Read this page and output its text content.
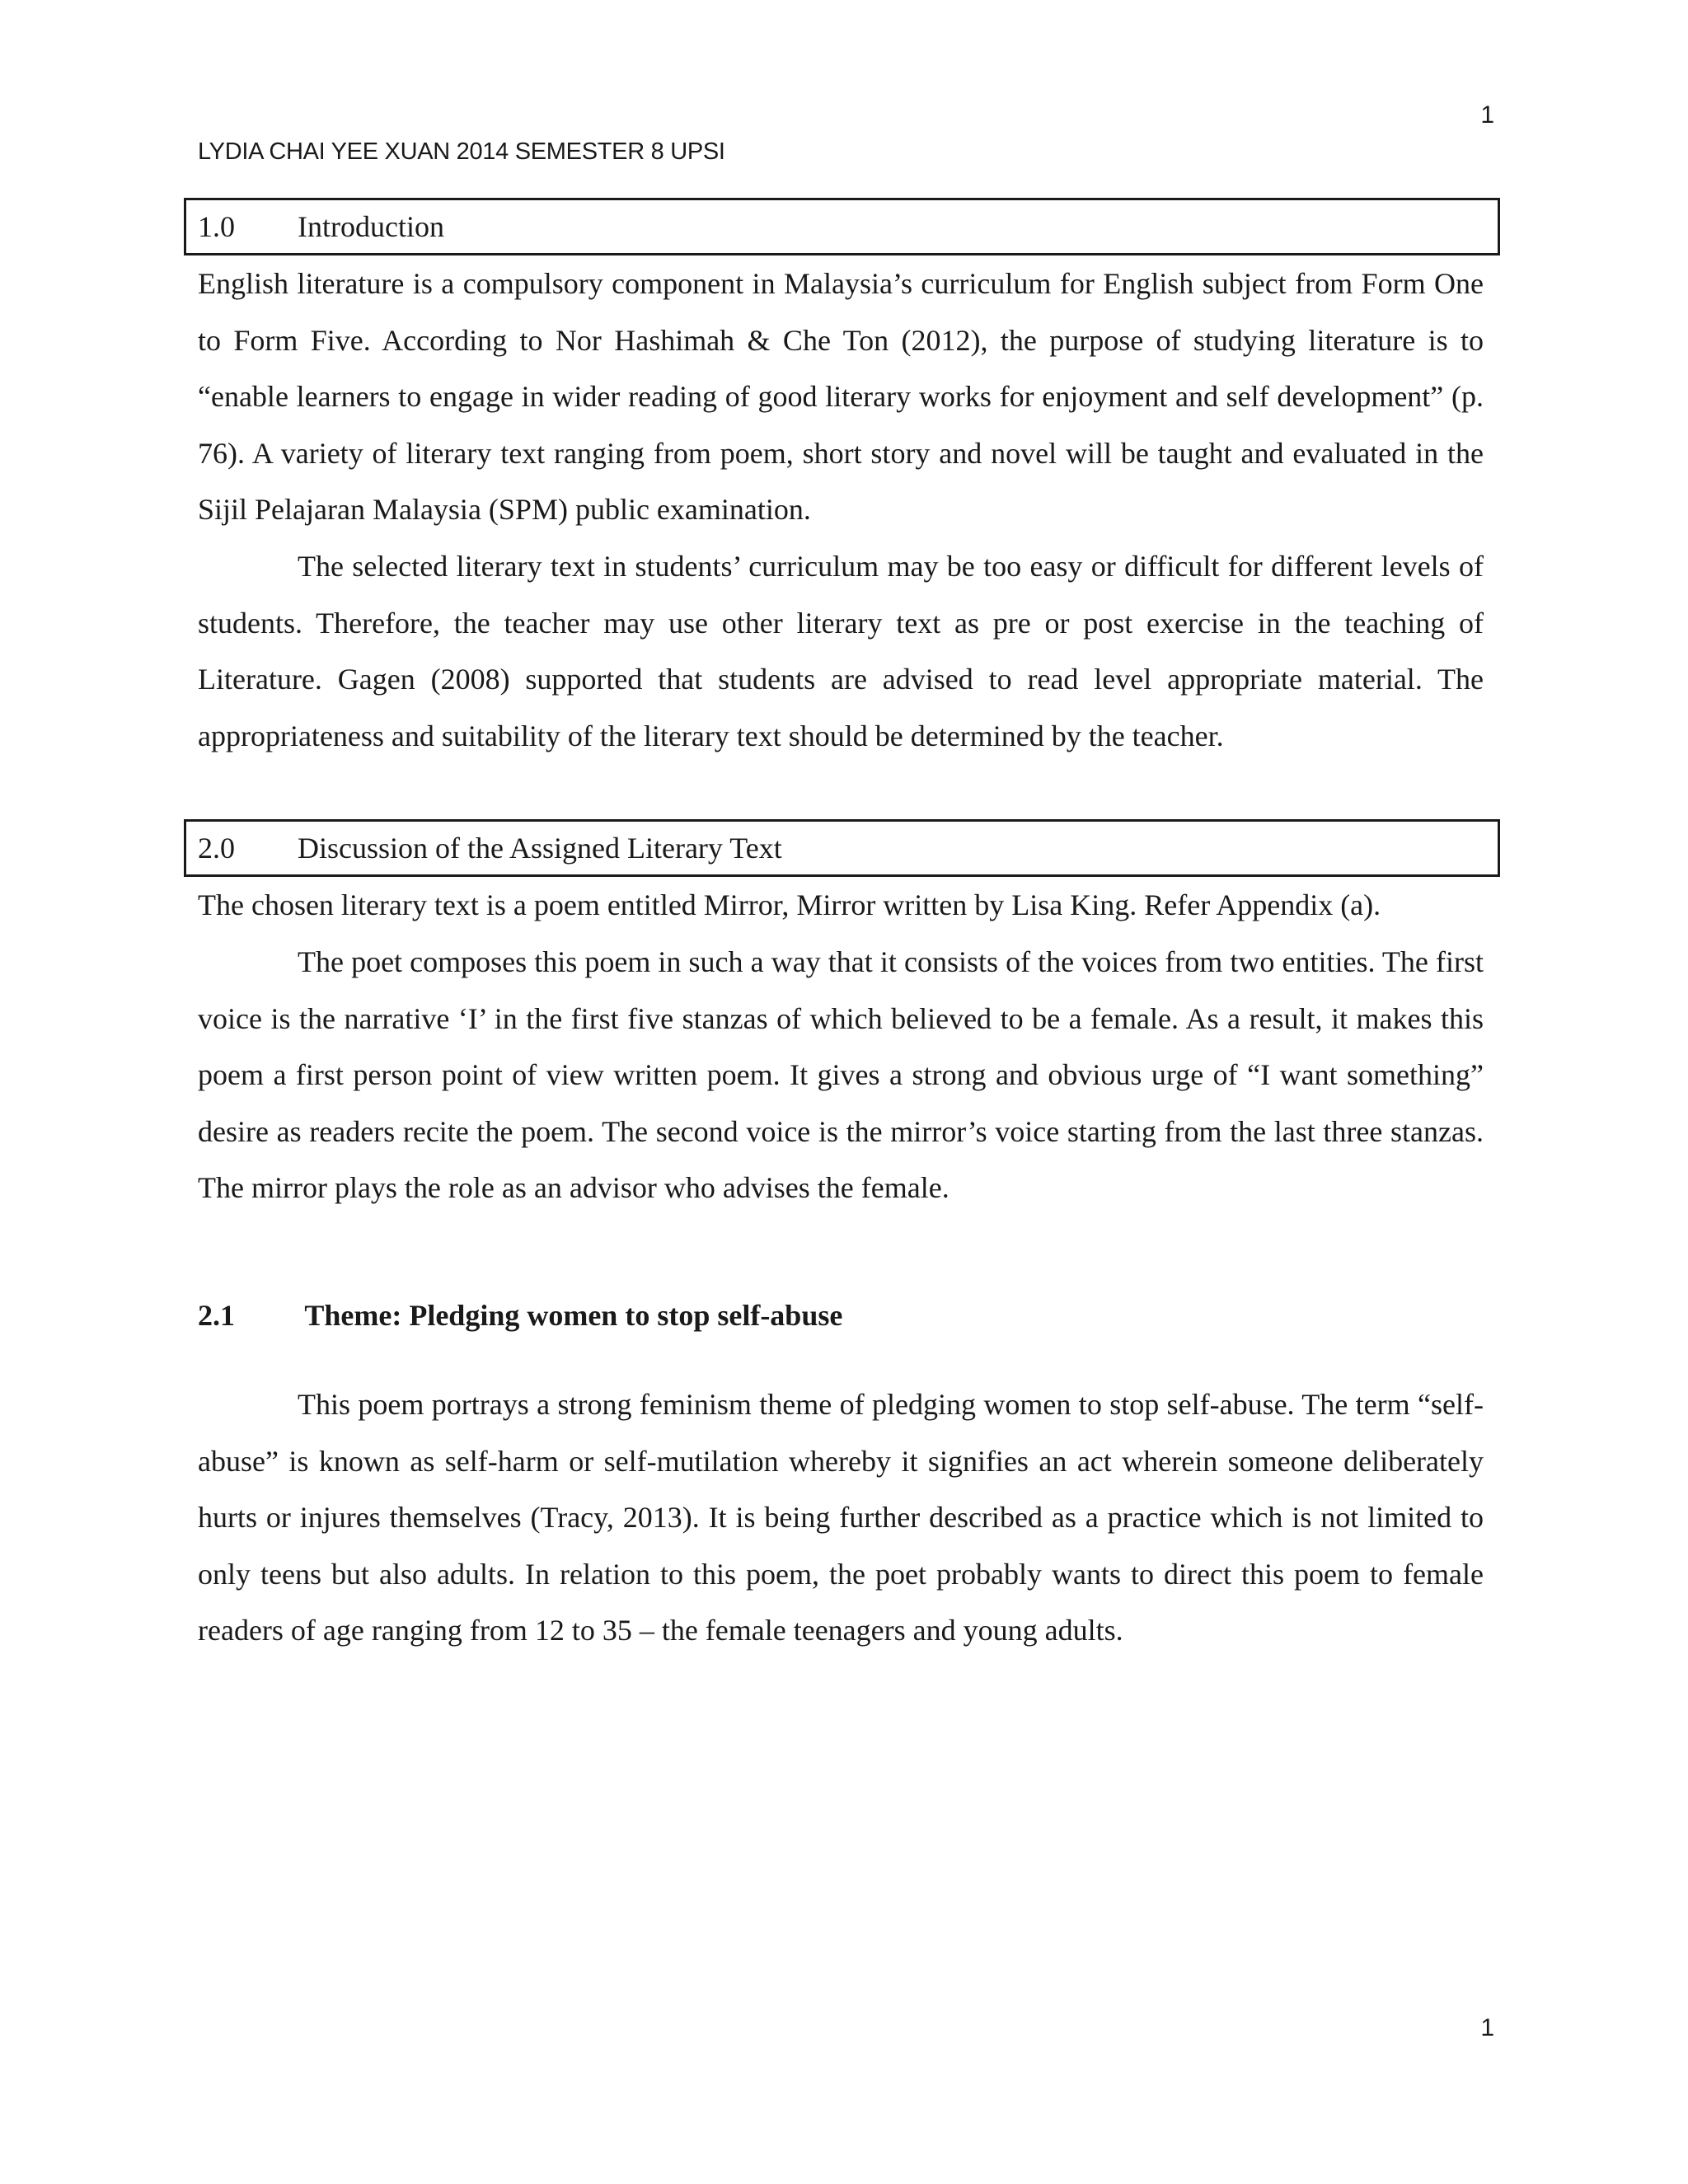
1
LYDIA CHAI YEE XUAN 2014 SEMESTER 8 UPSI
1.0	Introduction

English literature is a compulsory component in Malaysia’s curriculum for English subject from Form One to Form Five. According to Nor Hashimah & Che Ton (2012), the purpose of studying literature is to “enable learners to engage in wider reading of good literary works for enjoyment and self development” (p. 76). A variety of literary text ranging from poem, short story and novel will be taught and evaluated in the Sijil Pelajaran Malaysia (SPM) public examination.

The selected literary text in students’ curriculum may be too easy or difficult for different levels of students. Therefore, the teacher may use other literary text as pre or post exercise in the teaching of Literature. Gagen (2008) supported that students are advised to read level appropriate material. The appropriateness and suitability of the literary text should be determined by the teacher.

2.0	Discussion of the Assigned Literary Text

The chosen literary text is a poem entitled Mirror, Mirror written by Lisa King. Refer Appendix (a).

The poet composes this poem in such a way that it consists of the voices from two entities. The first voice is the narrative ‘I’ in the first five stanzas of which believed to be a female. As a result, it makes this poem a first person point of view written poem. It gives a strong and obvious urge of “I want something” desire as readers recite the poem. The second voice is the mirror’s voice starting from the last three stanzas. The mirror plays the role as an advisor who advises the female.

2.1 Theme: Pledging women to stop self-abuse

This poem portrays a strong feminism theme of pledging women to stop self-abuse. The term “self-abuse” is known as self-harm or self-mutilation whereby it signifies an act wherein someone deliberately hurts or injures themselves (Tracy, 2013). It is being further described as a practice which is not limited to only teens but also adults. In relation to this poem, the poet probably wants to direct this poem to female readers of age ranging from 12 to 35 – the female teenagers and young adults.

1
